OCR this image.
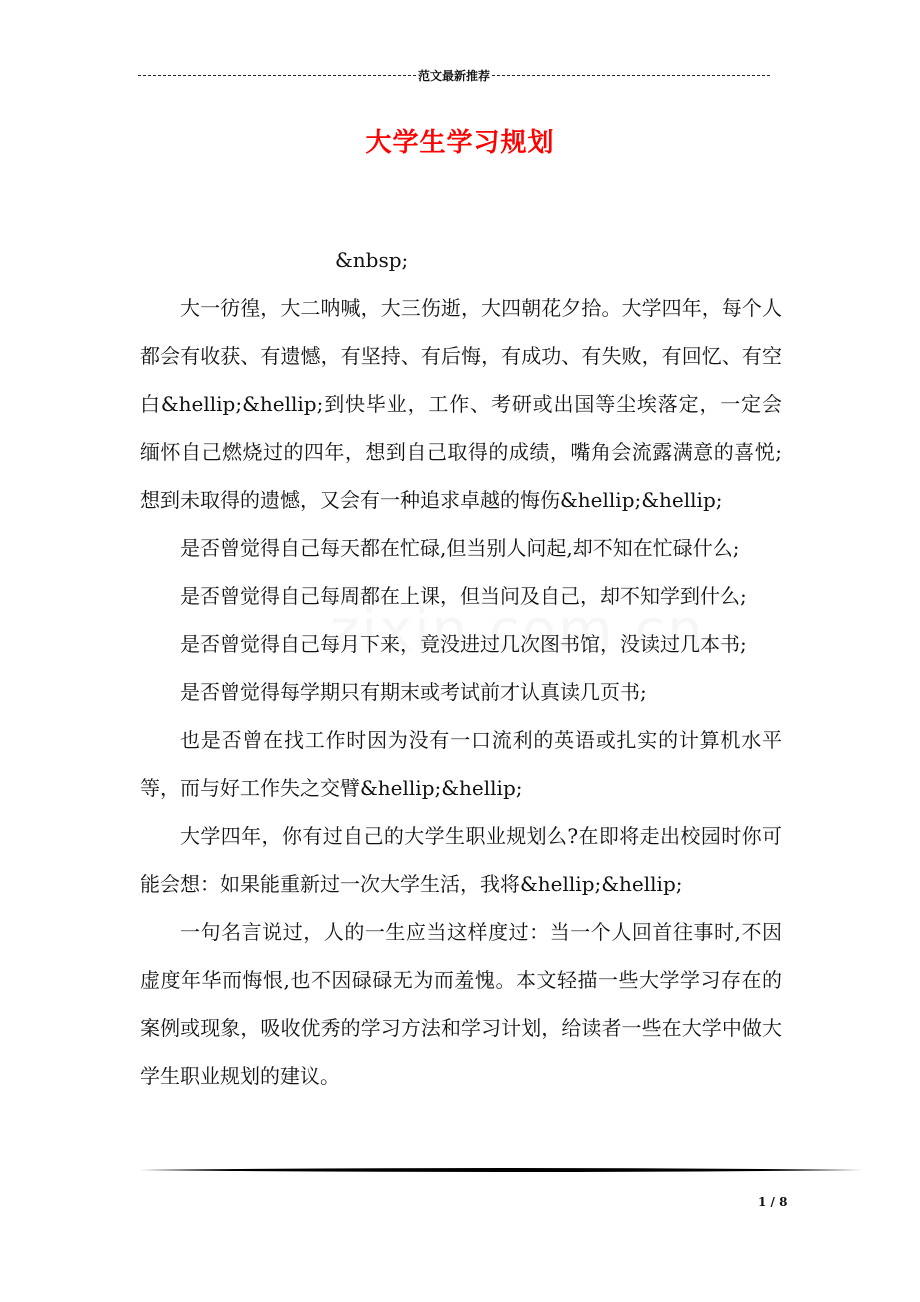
范文最新推荐
大学生学习规划

&nbsp;

大一彷徨，大二呐喊，大三伤逝，大四朝花夕拾。大学四年，每个人都会有收获、有遗憾，有坚持、有后悔，有成功、有失败，有回忆、有空白&hellip;&hellip;到快毕业，工作、考研或出国等尘埃落定，一定会缅怀自己燃烧过的四年，想到自己取得的成绩，嘴角会流露满意的喜悦;想到未取得的遗憾，又会有一种追求卓越的悔伤&hellip;&hellip;

是否曾觉得自己每天都在忙碌,但当别人问起,却不知在忙碌什么;

是否曾觉得自己每周都在上课，但当问及自己，却不知学到什么;

是否曾觉得自己每月下来，竟没进过几次图书馆，没读过几本书;

是否曾觉得每学期只有期末或考试前才认真读几页书;

也是否曾在找工作时因为没有一口流利的英语或扎实的计算机水平等，而与好工作失之交臂&hellip;&hellip;

大学四年，你有过自己的大学生职业规划么?在即将走出校园时你可能会想：如果能重新过一次大学生活，我将&hellip;&hellip;

一句名言说过，人的一生应当这样度过：当一个人回首往事时,不因虚度年华而悔恨,也不因碌碌无为而羞愧。本文轻描一些大学学习存在的案例或现象，吸收优秀的学习方法和学习计划，给读者一些在大学中做大学生职业规划的建议。

1 / 8
